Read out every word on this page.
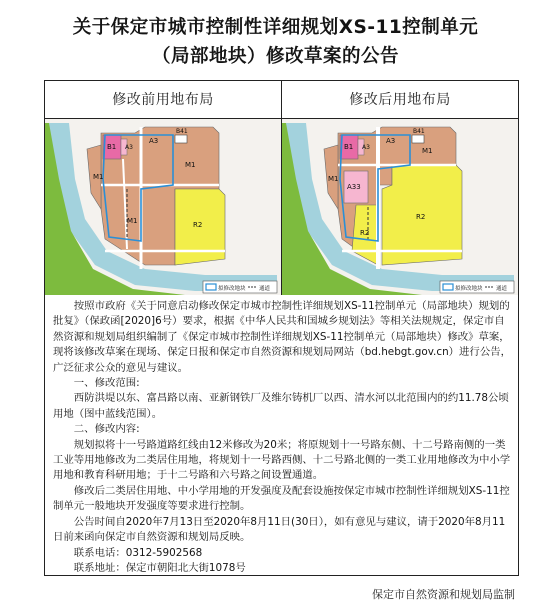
关于保定市城市控制性详细规划XS-11控制单元
（局部地块）修改草案的公告
修改前用地布局
B1 A3
B41
A3
M1
M1
M1	R2
拟修改地块 通道
修改后用地布局
B1 A3
B41
A3
M1
M1
A33
R2
R2
拟修改地块 通道

按照市政府《关于同意启动修改保定市城市控制性详细规划XS-11控制单元（局部地块）规划的批复》（保政函[2020]6号）要求，根据《中华人民共和国城乡规划法》等相关法规规定，保定市自然资源和规划局组织编制了《保定市城市控制性详细规划XS-11控制单元（局部地块）修改》草案，现将该修改草案在现场、保定日报和保定市自然资源和规划局网站（bd.hebgt.gov.cn）进行公告，广泛征求公众的意见与建议。

一、修改范围:

西防洪堤以东、富昌路以南、亚新钢铁厂及维尔铸机厂以西、清水河以北范围内的约11.78公顷用地（图中蓝线范围）。

二、修改内容:

规划拟将十一号路道路红线由12米修改为20米；将原规划十一号路东侧、十二号路南侧的一类工业等用地修改为二类居住用地，将规划十一号路西侧、十二号路北侧的一类工业用地修改为中小学用地和教育科研用地；于十二号路和六号路之间设置通道。

修改后二类居住用地、中小学用地的开发强度及配套设施按保定市城市控制性详细规划XS-11控制单元一般地块开发强度等要求进行控制。

公告时间自2020年7月13日至2020年8月11日(30日），如有意见与建议，请于2020年8月11日前来函向保定市自然资源和规划局反映。

联系电话：0312-5902568

联系地址：保定市朝阳北大街1078号

保定市自然资源和规划局监制
